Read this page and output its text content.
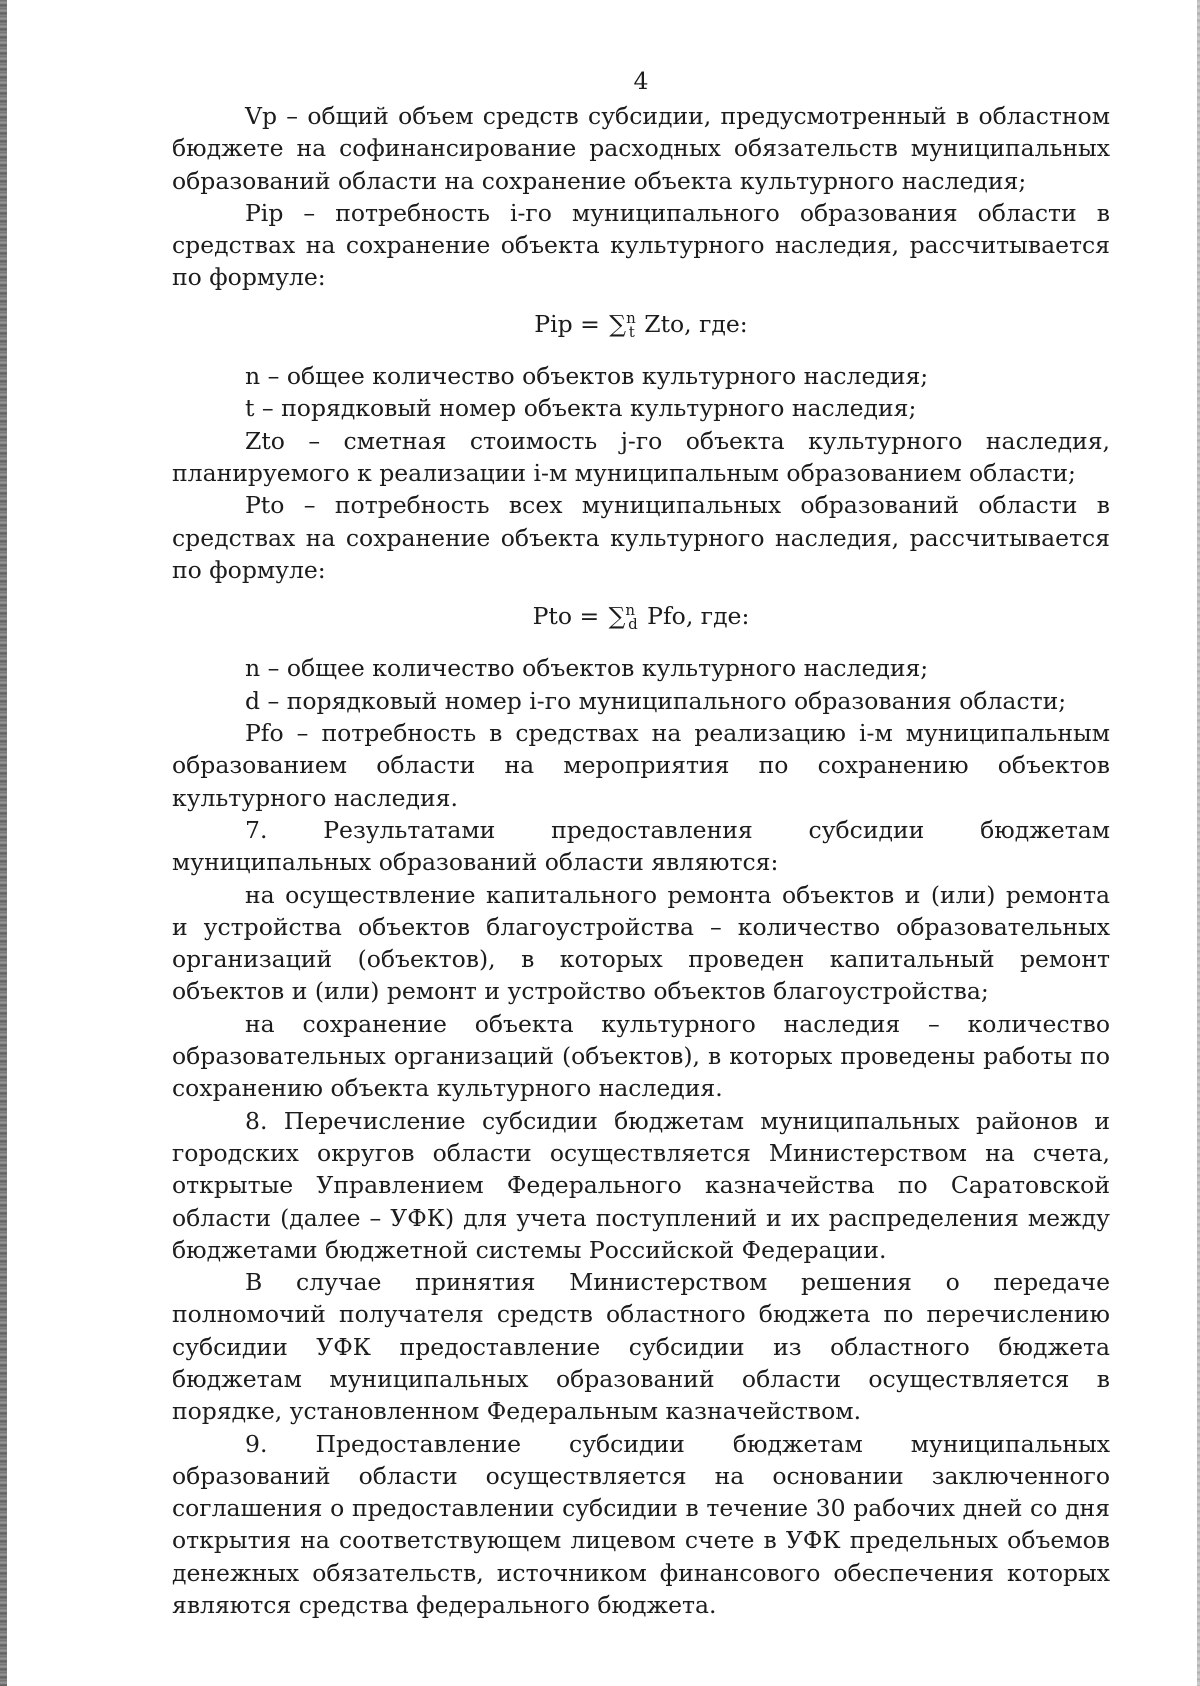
4

Vp – общий объем средств субсидии, предусмотренный в областном бюджете на софинансирование расходных обязательств муниципальных образований области на сохранение объекта культурного наследия;

Pip – потребность i-го муниципального образования области в средствах на сохранение объекта культурного наследия, рассчитывается по формуле:

Pip = ∑$^n_t$ Zto, где:

n – общее количество объектов культурного наследия;

t – порядковый номер объекта культурного наследия;

Zto – сметная стоимость j-го объекта культурного наследия, планируемого к реализации i-м муниципальным образованием области;

Pto – потребность всех муниципальных образований области в средствах на сохранение объекта культурного наследия, рассчитывается по формуле:

Pto = ∑$^n_d$ Pfo, где:

n – общее количество объектов культурного наследия;

d – порядковый номер i-го муниципального образования области;

Pfo – потребность в средствах на реализацию i-м муниципальным образованием области на мероприятия по сохранению объектов культурного наследия.

7. Результатами предоставления субсидии бюджетам муниципальных образований области являются:

на осуществление капитального ремонта объектов и (или) ремонта и устройства объектов благоустройства – количество образовательных организаций (объектов), в которых проведен капитальный ремонт объектов и (или) ремонт и устройство объектов благоустройства;

на сохранение объекта культурного наследия – количество образовательных организаций (объектов), в которых проведены работы по сохранению объекта культурного наследия.

8. Перечисление субсидии бюджетам муниципальных районов и городских округов области осуществляется Министерством на счета, открытые Управлением Федерального казначейства по Саратовской области (далее – УФК) для учета поступлений и их распределения между бюджетами бюджетной системы Российской Федерации.

В случае принятия Министерством решения о передаче полномочий получателя средств областного бюджета по перечислению субсидии УФК предоставление субсидии из областного бюджета бюджетам муниципальных образований области осуществляется в порядке, установленном Федеральным казначейством.

9. Предоставление субсидии бюджетам муниципальных образований области осуществляется на основании заключенного соглашения о предоставлении субсидии в течение 30 рабочих дней со дня открытия на соответствующем лицевом счете в УФК предельных объемов денежных обязательств, источником финансового обеспечения которых являются средства федерального бюджета.
